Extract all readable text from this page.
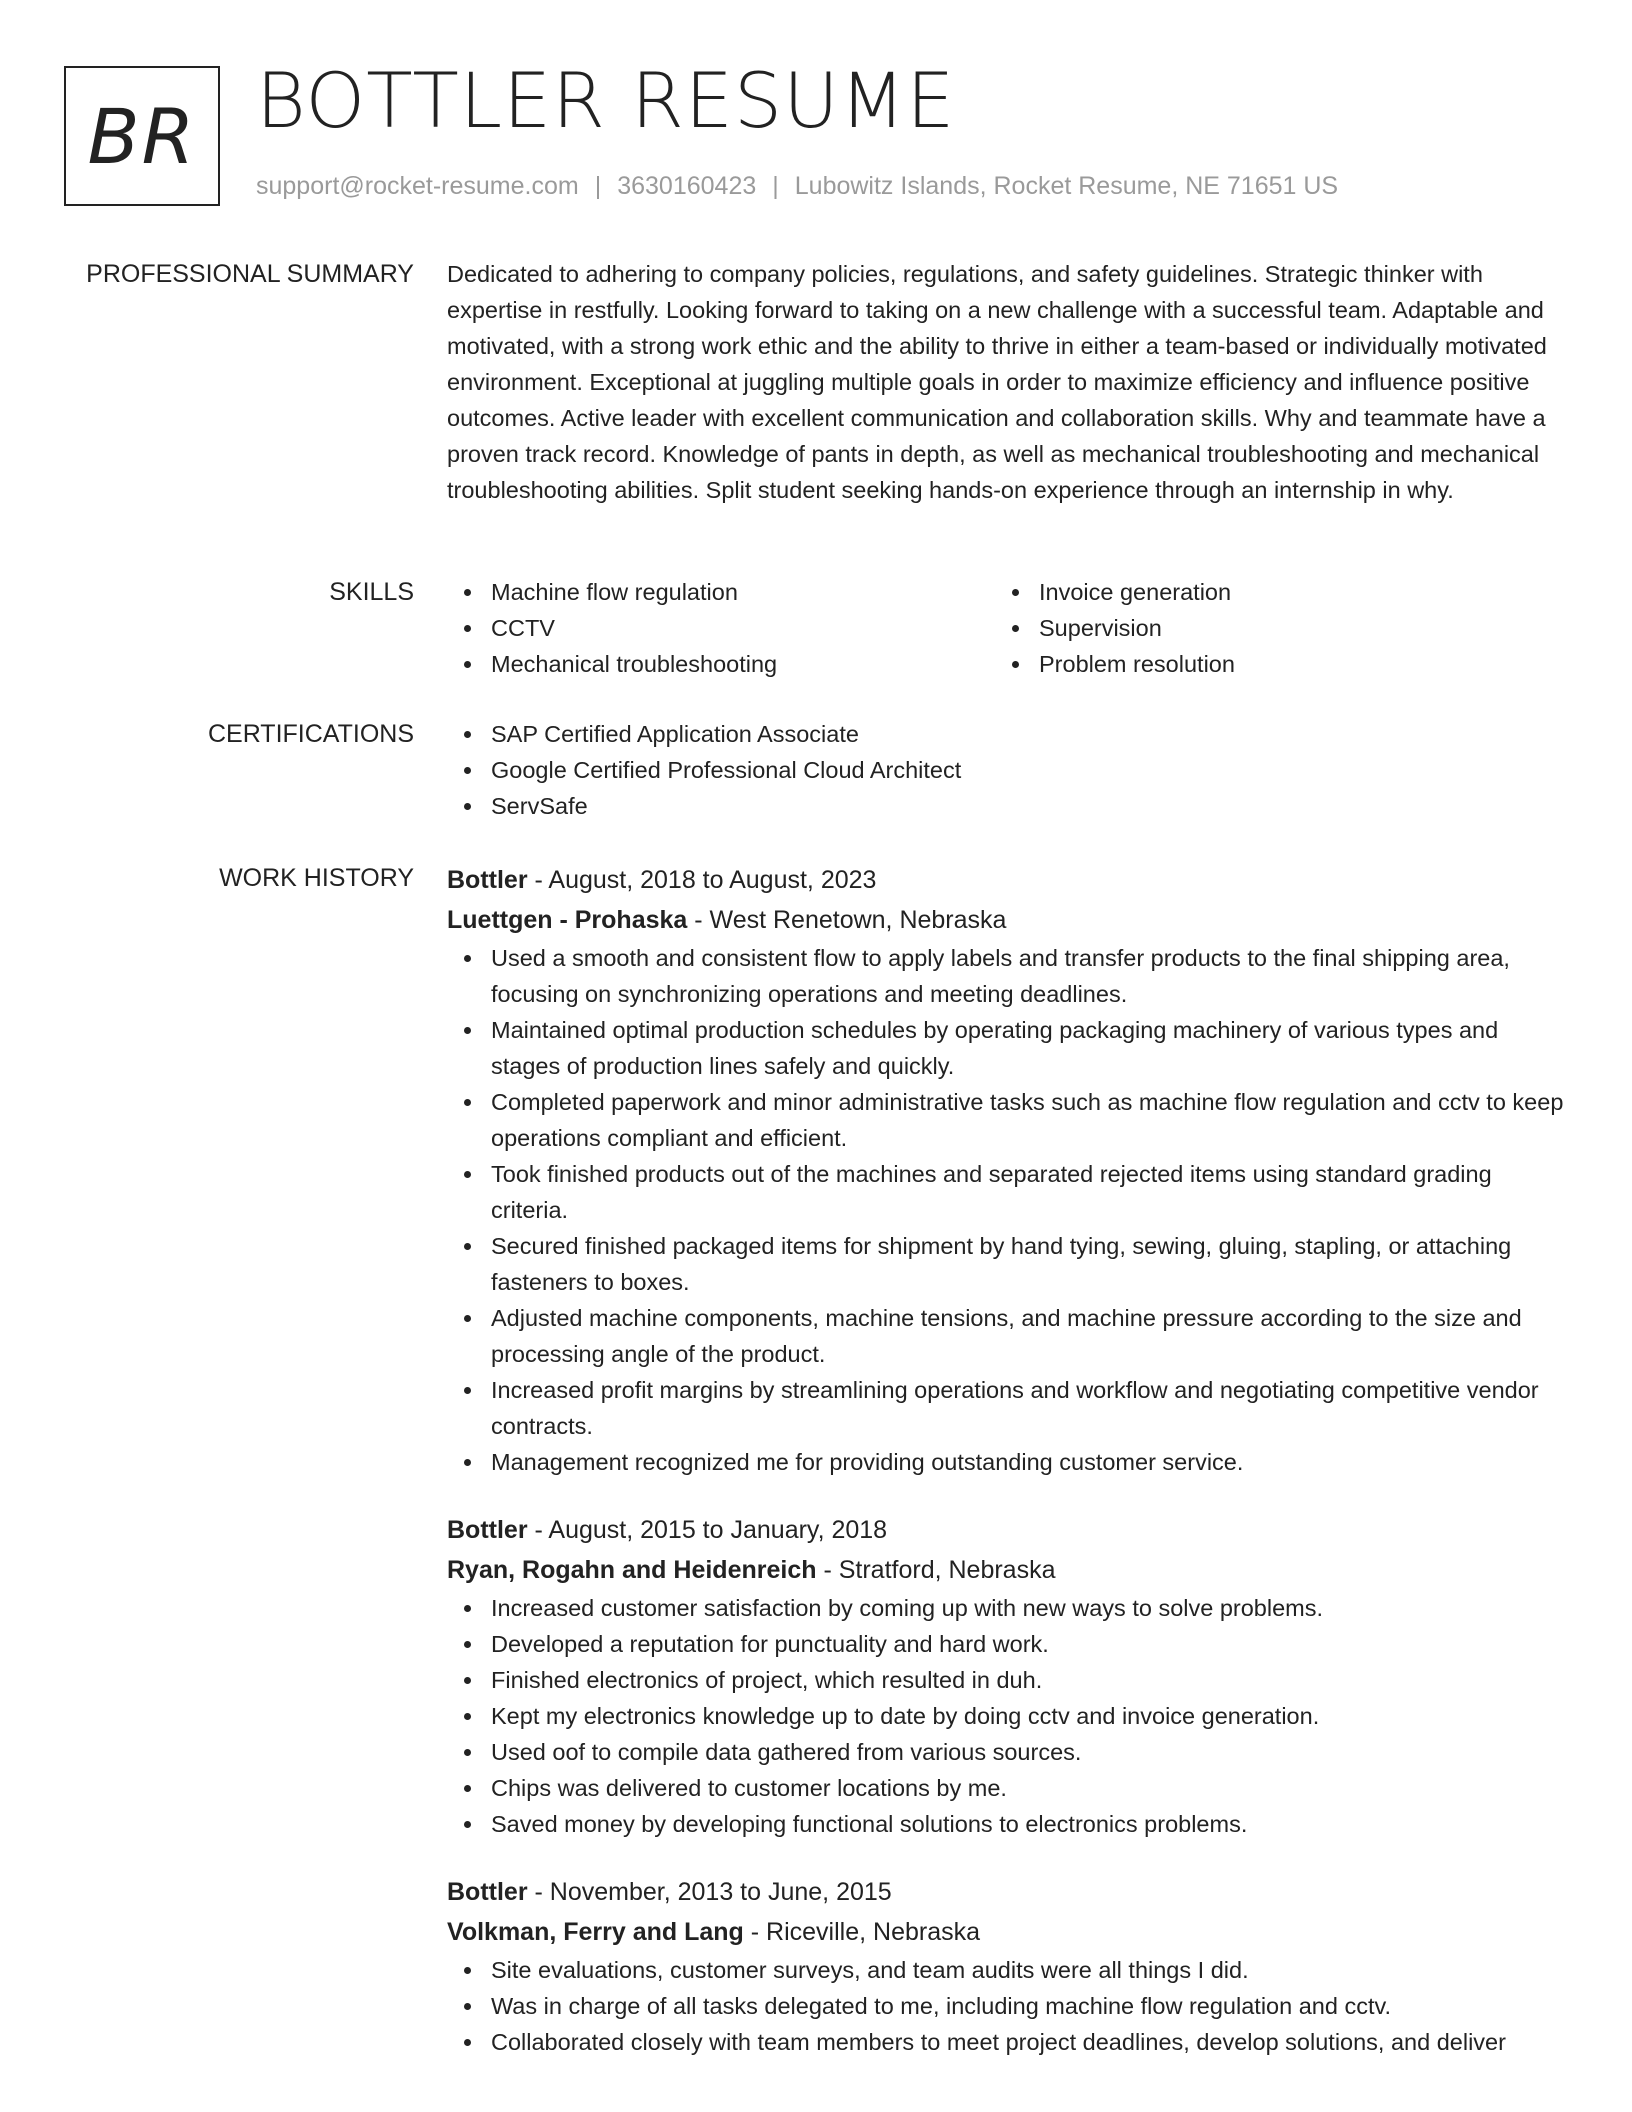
BR BOTTLER RESUME
support@rocket-resume.com | 3630160423 | Lubowitz Islands, Rocket Resume, NE 71651 US
PROFESSIONAL SUMMARY Dedicated to adhering to company policies, regulations, and safety guidelines. Strategic thinker with expertise in restfully. Looking forward to taking on a new challenge with a successful team. Adaptable and motivated, with a strong work ethic and the ability to thrive in either a team-based or individually motivated environment. Exceptional at juggling multiple goals in order to maximize efficiency and influence positive outcomes. Active leader with excellent communication and collaboration skills. Why and teammate have a proven track record. Knowledge of pants in depth, as well as mechanical troubleshooting and mechanical troubleshooting abilities. Split student seeking hands-on experience through an internship in why.

SKILLS	Machine flow regulation
CCTV
Mechanical troubleshooting
Invoice generation
Supervision
Problem resolution
CERTIFICATIONS	SAP Certified Application Associate
Google Certified Professional Cloud Architect
ServSafe
WORK HISTORY Bottler - August, 2018 to August, 2023
Luettgen - Prohaska - West Renetown, Nebraska
Used a smooth and consistent flow to apply labels and transfer products to the final shipping area, focusing on synchronizing operations and meeting deadlines.
Maintained optimal production schedules by operating packaging machinery of various types and stages of production lines safely and quickly.
Completed paperwork and minor administrative tasks such as machine flow regulation and cctv to keep operations compliant and efficient.
Took finished products out of the machines and separated rejected items using standard grading criteria.
Secured finished packaged items for shipment by hand tying, sewing, gluing, stapling, or attaching fasteners to boxes.
Adjusted machine components, machine tensions, and machine pressure according to the size and processing angle of the product.
Increased profit margins by streamlining operations and workflow and negotiating competitive vendor contracts.
Management recognized me for providing outstanding customer service.
Bottler - August, 2015 to January, 2018
Ryan, Rogahn and Heidenreich - Stratford, Nebraska
Increased customer satisfaction by coming up with new ways to solve problems.
Developed a reputation for punctuality and hard work.
Finished electronics of project, which resulted in duh.
Kept my electronics knowledge up to date by doing cctv and invoice generation.
Used oof to compile data gathered from various sources.
Chips was delivered to customer locations by me.
Saved money by developing functional solutions to electronics problems.
Bottler - November, 2013 to June, 2015
Volkman, Ferry and Lang - Riceville, Nebraska
Site evaluations, customer surveys, and team audits were all things I did.
Was in charge of all tasks delegated to me, including machine flow regulation and cctv.
Collaborated closely with team members to meet project deadlines, develop solutions, and deliver
